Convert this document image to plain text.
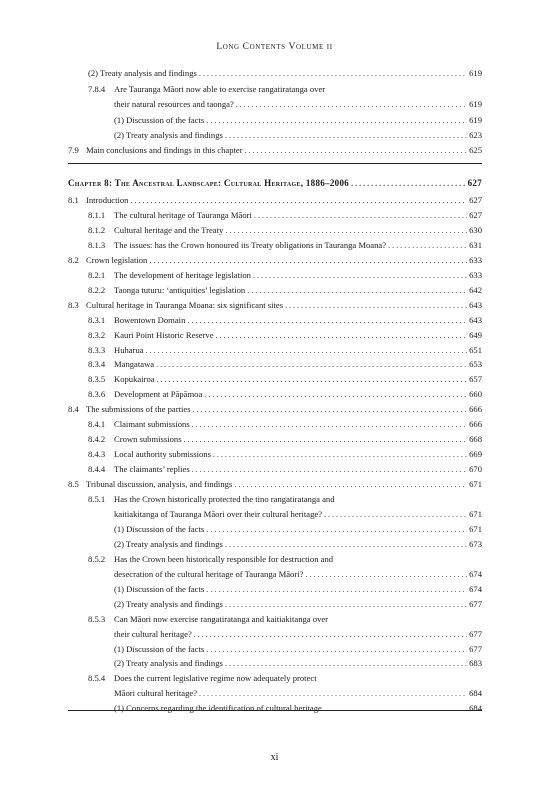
Long Contents Volume ii
(2) Treaty analysis and findings . . .	619
7.8.4	Are Tauranga Māori now able to exercise rangatiratanga over
their natural resources and taonga? . . .	619
(1) Discussion of the facts . . .	619
(2) Treaty analysis and findings . . .	623
7.9 Main conclusions and findings in this chapter . . .	625
Chapter 8: The Ancestral Landscape: Cultural Heritage, 1886–2006 . . .	627
8.1 Introduction . . .	627
8.1.1	The cultural heritage of Tauranga Māori . . .	627
8.1.2	Cultural heritage and the Treaty . . .	630
8.1.3	The issues: has the Crown honoured its Treaty obligations in Tauranga Moana? . . .	631
8.2 Crown legislation . . .	633
8.2.1	The development of heritage legislation . . .	633
8.2.2	Taonga tuturu: ‘antiquities’ legislation . . .	642
8.3 Cultural heritage in Tauranga Moana: six significant sites . . .	643
8.3.1	Bowentown Domain . . .	643
8.3.2	Kauri Point Historic Reserve . . .	649
8.3.3	Huharua . . .	651
8.3.4	Mangatawa . . .	653
8.3.5	Kopukairoa . . .	657
8.3.6	Development at Pāpāmoa . . .	660
8.4 The submissions of the parties . . .	666
8.4.1	Claimant submissions . . .	666
8.4.2	Crown submissions . . .	668
8.4.3	Local authority submissions . . .	669
8.4.4	The claimants’ replies . . .	670
8.5 Tribunal discussion, analysis, and findings . . .	671
8.5.1	Has the Crown historically protected the tino rangatiratanga and
kaitiakitanga of Tauranga Māori over their cultural heritage? . . .	671
(1) Discussion of the facts . . .	671
(2) Treaty analysis and findings . . .	673
8.5.2	Has the Crown been historically responsible for destruction and
desecration of the cultural heritage of Tauranga Māori? . . .	674
(1) Discussion of the facts . . .	674
(2) Treaty analysis and findings . . .	677
8.5.3	Can Māori now exercise rangatiratanga and kaitiakitanga over
their cultural heritage? . . .	677
(1) Discussion of the facts . . .	677
(2) Treaty analysis and findings . . .	683
8.5.4	Does the current legislative regime now adequately protect
Māori cultural heritage? . . .	684
(1) Concerns regarding the identification of cultural heritage . . .	684
xi
